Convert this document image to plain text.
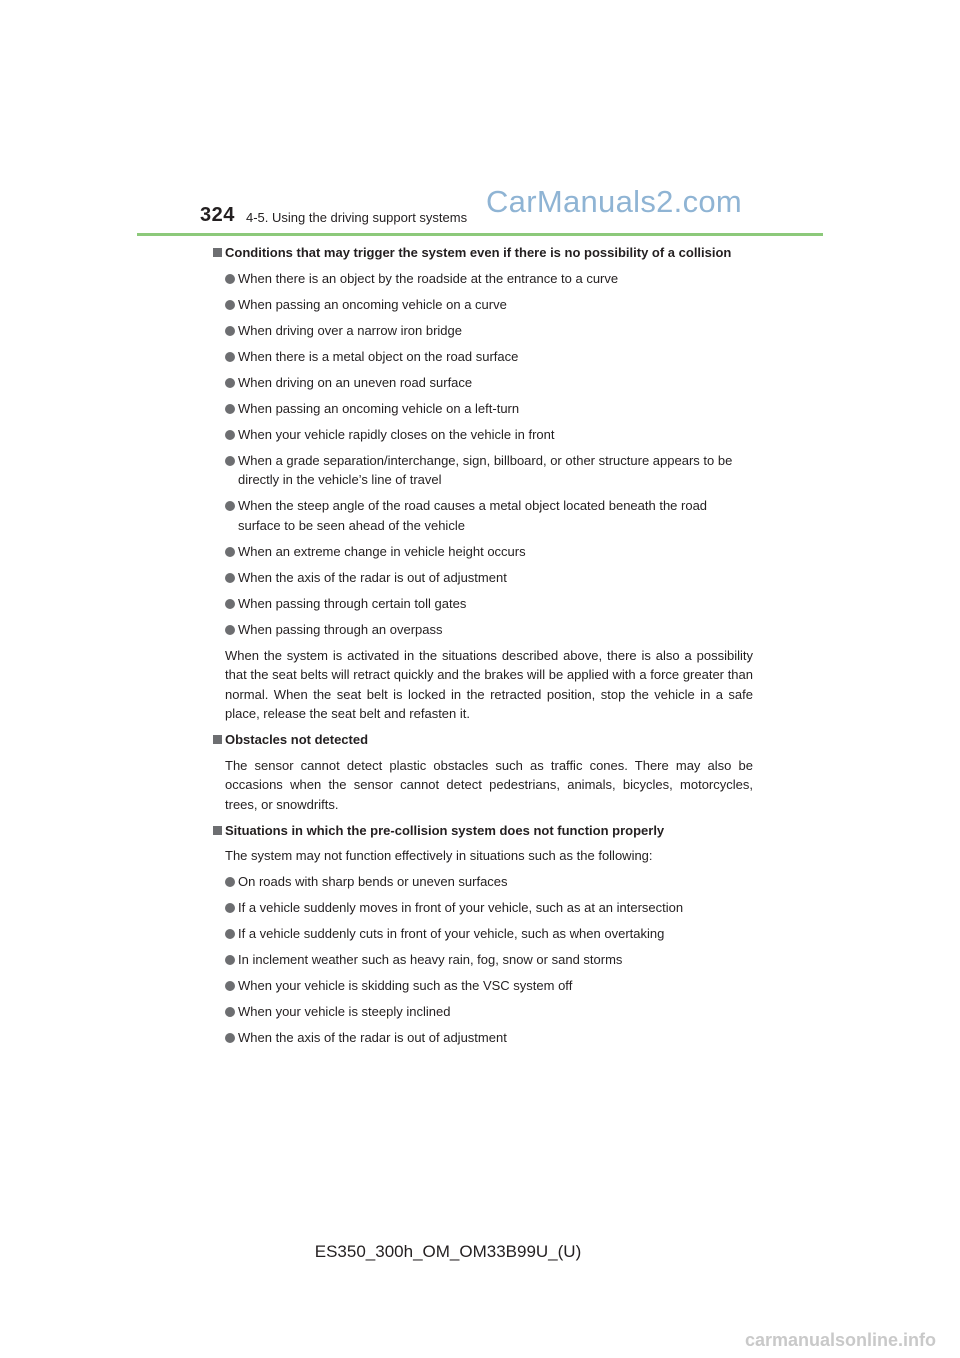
324 4-5. Using the driving support systems CarManuals2.com
Conditions that may trigger the system even if there is no possibility of a collision
When there is an object by the roadside at the entrance to a curve
When passing an oncoming vehicle on a curve
When driving over a narrow iron bridge
When there is a metal object on the road surface
When driving on an uneven road surface
When passing an oncoming vehicle on a left-turn
When your vehicle rapidly closes on the vehicle in front
When a grade separation/interchange, sign, billboard, or other structure appears to be directly in the vehicle’s line of travel
When the steep angle of the road causes a metal object located beneath the road surface to be seen ahead of the vehicle
When an extreme change in vehicle height occurs
When the axis of the radar is out of adjustment
When passing through certain toll gates
When passing through an overpass

When the system is activated in the situations described above, there is also a possibility that the seat belts will retract quickly and the brakes will be applied with a force greater than normal. When the seat belt is locked in the retracted position, stop the vehicle in a safe place, release the seat belt and refasten it.

Obstacles not detected

The sensor cannot detect plastic obstacles such as traffic cones. There may also be occasions when the sensor cannot detect pedestrians, animals, bicycles, motorcycles, trees, or snowdrifts.

Situations in which the pre-collision system does not function properly

The system may not function effectively in situations such as the following:

On roads with sharp bends or uneven surfaces
If a vehicle suddenly moves in front of your vehicle, such as at an intersection
If a vehicle suddenly cuts in front of your vehicle, such as when overtaking
In inclement weather such as heavy rain, fog, snow or sand storms
When your vehicle is skidding such as the VSC system off
When your vehicle is steeply inclined
When the axis of the radar is out of adjustment
ES350_300h_OM_OM33B99U_(U)
carmanualsonline.info
